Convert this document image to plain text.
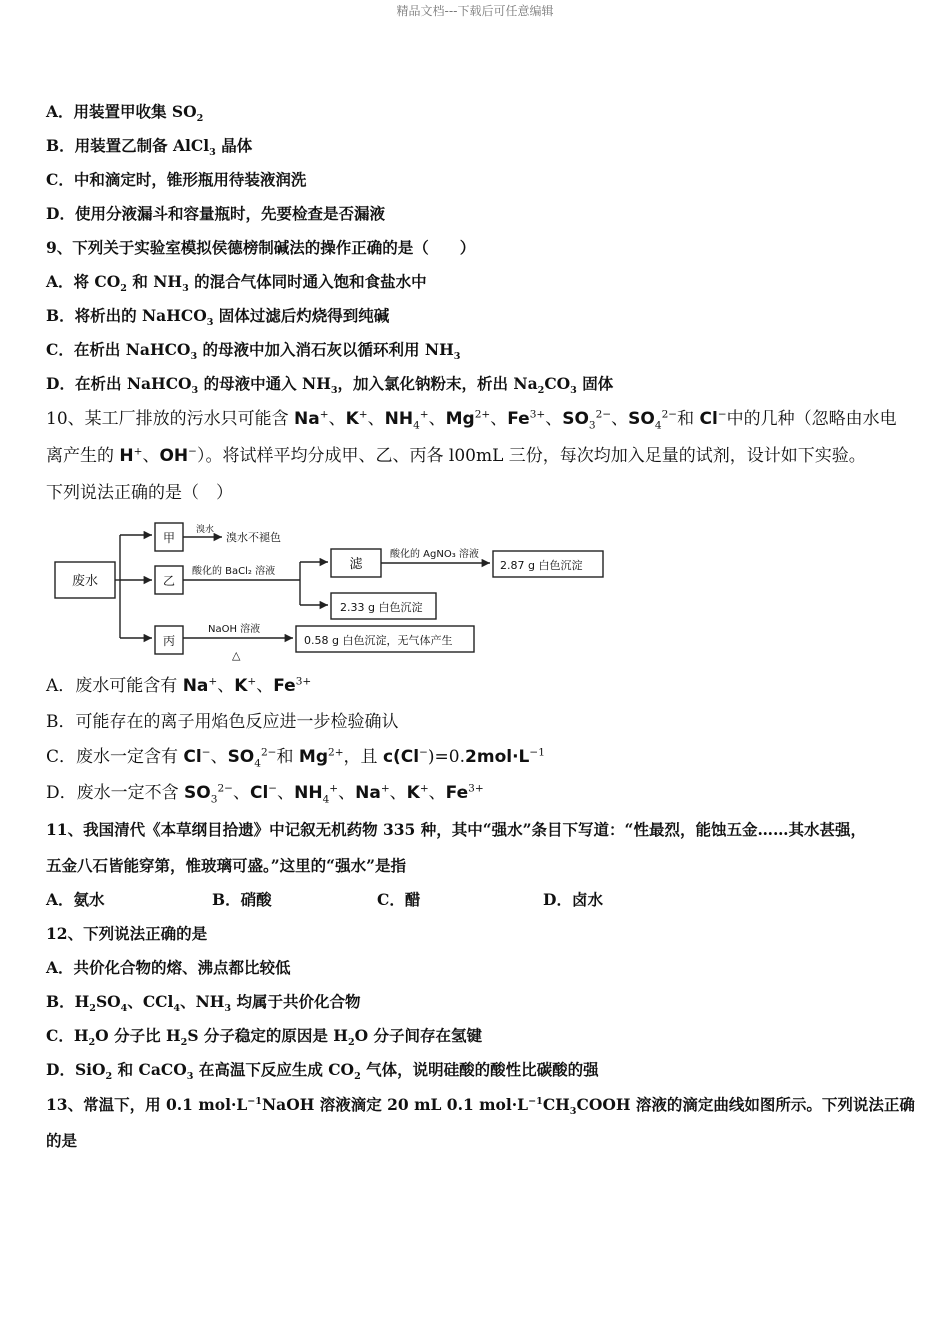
精品文档---下载后可任意编辑
A．用装置甲收集 $SO_2$
B．用装置乙制备 AlCl$_3$ 晶体
C．中和滴定时，锥形瓶用待装液润洗
D．使用分液漏斗和容量瓶时，先要检查是否漏液
9、下列关于实验室模拟侯德榜制碱法的操作正确的是（　　）
A．将 $CO_2$ 和 $NH_3$ 的混合气体同时通入饱和食盐水中
B．将析出的 NaHCO$_3$ 固体过滤后灼烧得到纯碱
C．在析出 NaHCO$_3$ 的母液中加入消石灰以循环利用 $NH_3$
D．在析出 NaHCO$_3$ 的母液中通入 $NH_3$，加入氯化钠粉末，析出 $Na_2CO_3$ 固体
10、某工厂排放的污水只可能含 Na+、K+、$NH_4^+$、$Mg^{2+}$、$Fe^{3+}$、$SO_3^{2-}$、$SO_4^{2-}$和 Cl−中的几种（忽略由水电
离产生的 H+、OH−）。将试样平均分成甲、乙、丙各 l00mL 三份，每次均加入足量的试剂，设计如下实验。
下列说法正确的是（　）
废水
甲
乙
丙
溴水
溴水不褪色
酸化的 BaCl₂ 溶液	滤
酸化的 AgNO₃ 溶液
2.87 g 白色沉淀
2.33 g 白色沉淀
NaOH 溶液
△
0.58 g 白色沉淀，无气体产生
A．废水可能含有 Na+、K+、$Fe^{3+}$
B．可能存在的离子用焰色反应进一步检验确认
C．废水一定含有 Cl−、$SO_4^{2-}$和 $Mg^{2+}$，且 $c(Cl^-)=0.2mol\cdot L^{-1}$
D．废水一定不含 $SO_3^{2-}$、Cl−、$NH_4^+$、Na+、K+、$Fe^{3+}$
11、我国清代《本草纲目拾遗》中记叙无机药物 335 种，其中“强水”条目下写道：“性最烈，能蚀五金……其水甚强，
五金八石皆能穿第，惟玻璃可盛。”这里的“强水”是指
A．氨水	B．硝酸	C．醋	D．卤水
12、下列说法正确的是
A．共价化合物的熔、沸点都比较低
B．$H_2SO_4$、CCl$_4$、$NH_3$ 均属于共价化合物
C．$H_2O$ 分子比 $H_2S$ 分子稳定的原因是 $H_2O$ 分子间存在氢键
D．SiO$_2$ 和 CaCO$_3$ 在高温下反应生成 $CO_2$ 气体，说明硅酸的酸性比碳酸的强
13、常温下，用 0.1 $mol\cdot L^{-1}NaOH$ 溶液滴定 20 mL 0.1 $mol\cdot L^{-1}CH_3COOH$ 溶液的滴定曲线如图所示。下列说法正确
的是
